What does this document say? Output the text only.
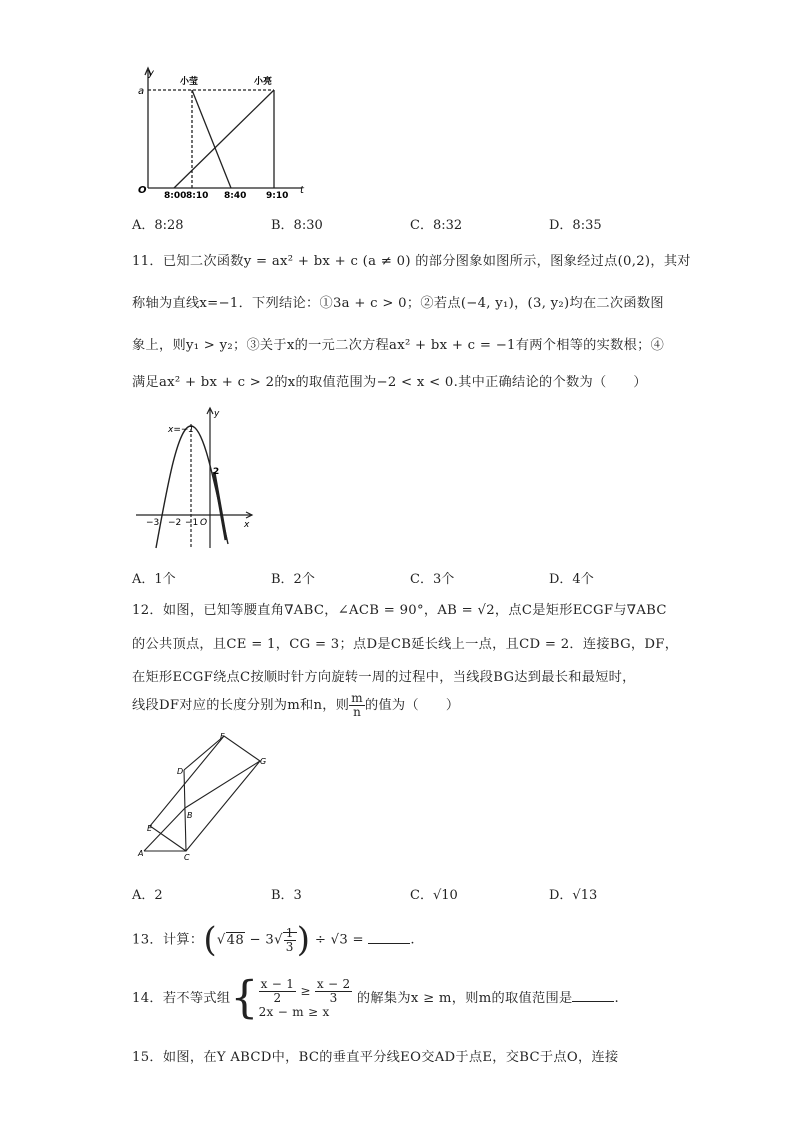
y
a
O	t
小莹	小亮
8:00 8:10 8:40 9:10
A．8:28	B．8:30	C．8:32	D．8:35
11．已知二次函数y = ax² + bx + c (a ≠ 0) 的部分图象如图所示，图象经过点(0,2)，其对
称轴为直线x=−1．下列结论：①3a + c > 0；②若点(−4, y₁)，(3, y₂)均在二次函数图
象上，则y₁ > y₂；③关于x的一元二次方程ax² + bx + c = −1有两个相等的实数根；④
满足ax² + bx + c > 2的x的取值范围为−2 < x < 0.其中正确结论的个数为（　　）
x=−1
y
x
2
O
−3 −2 −1
A．1个	B．2个	C．3个	D．4个
12．如图，已知等腰直角∇ABC，∠ACB = 90°，AB = √2，点C是矩形ECGF与∇ABC
的公共顶点，且CE = 1，CG = 3；点D是CB延长线上一点，且CD = 2．连接BG，DF，
在矩形ECGF绕点C按顺时针方向旋转一周的过程中，当线段BG达到最长和最短时，
线段DF对应的长度分别为m和n，则 $\frac{m}{n}$ 的值为（　　）
F
G
D
B
E
A	C
A．2	B．3	C．√10	D．√13
13．计算：($√48 - 3√ \frac{1}{3}$ ) ÷ √3 =	.
14．若不等式组{ $\frac{x - 1}{2} \ge \frac{x - 2}{3}$
2x − m ≥ x
的解集为x ≥ m，则m的取值范围是	.
15．如图，在Y ABCD中，BC的垂直平分线EO交AD于点E，交BC于点O，连接
